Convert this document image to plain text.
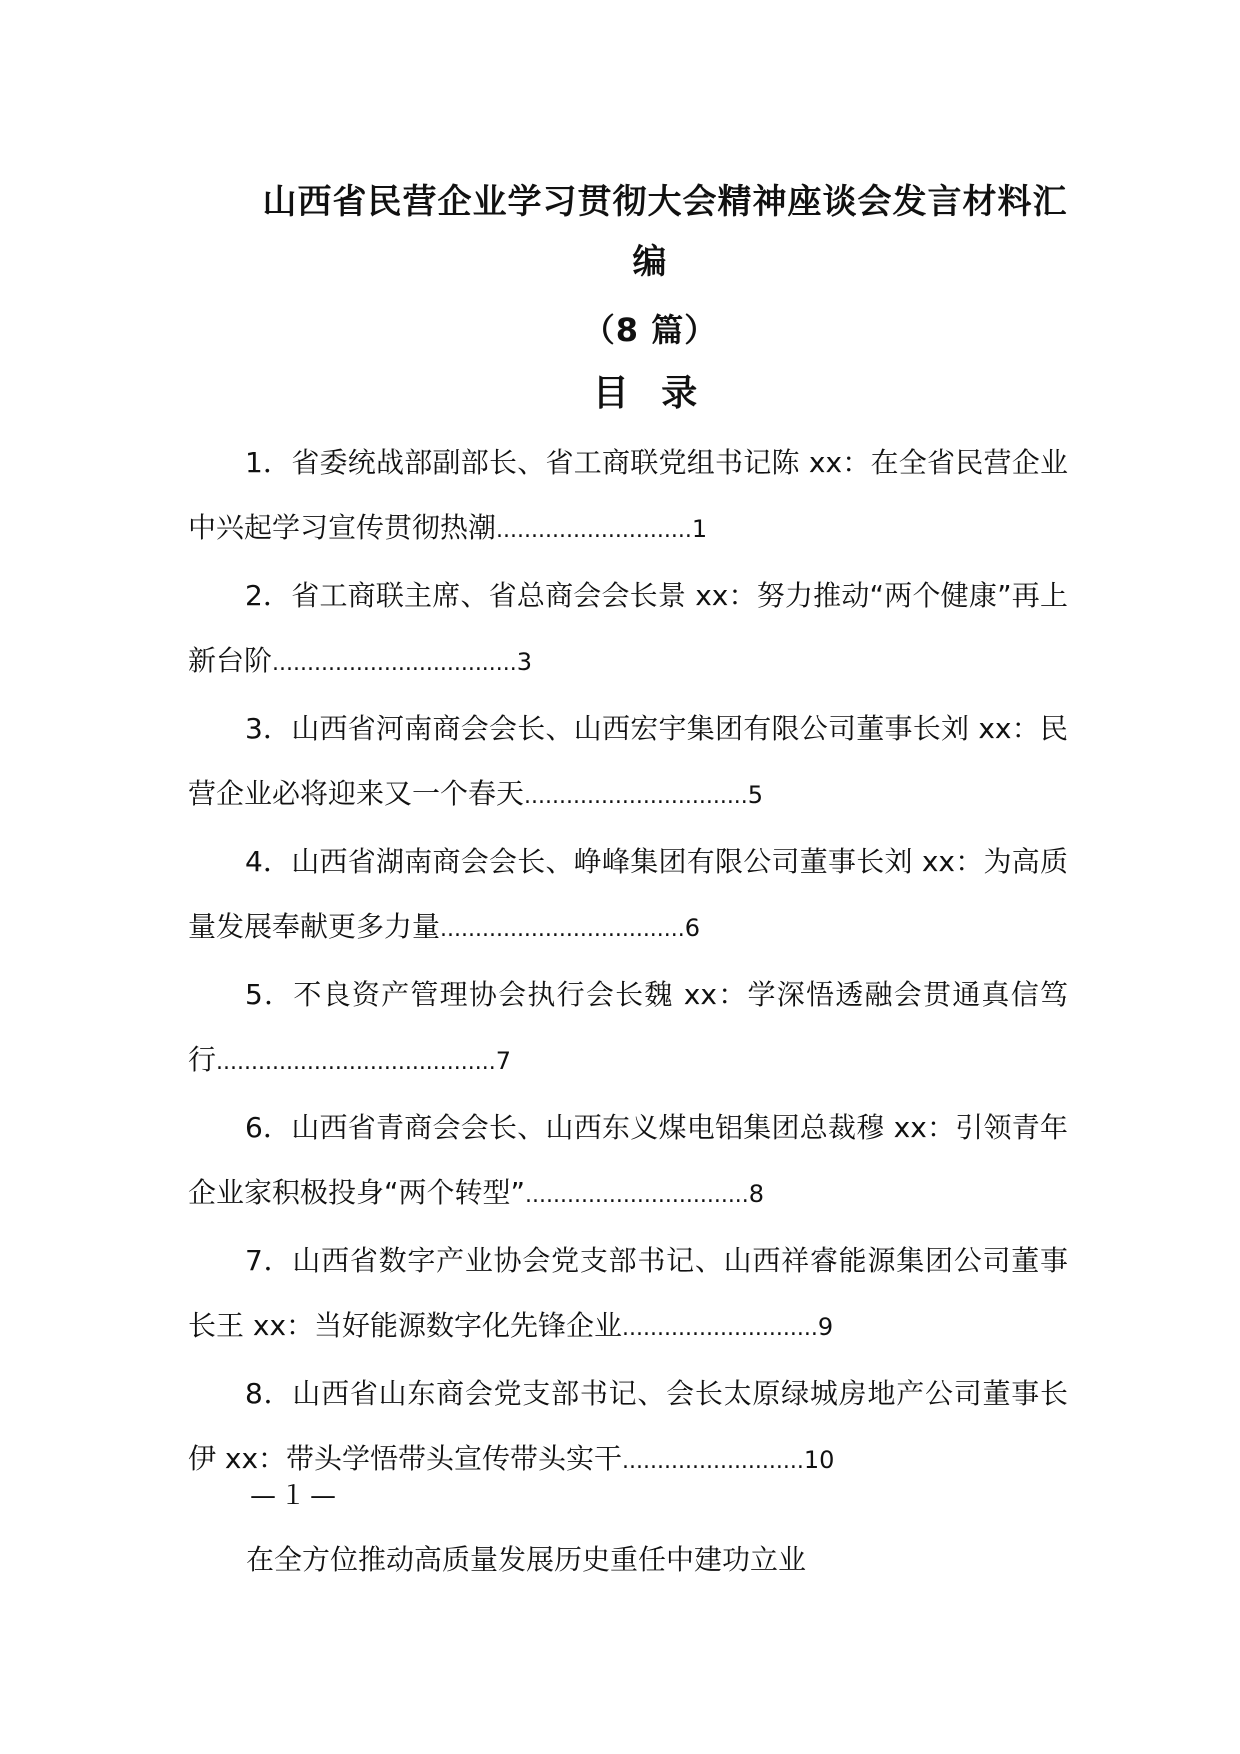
山西省民营企业学习贯彻大会精神座谈会发言材料汇
编
（8 篇）
目 录
1．省委统战部副部长、省工商联党组书记陈 xx：在全省民营企业中兴起学习宣传贯彻热潮............................1
2．省工商联主席、省总商会会长景 xx：努力推动“两个健康”再上新台阶...................................3
3．山西省河南商会会长、山西宏宇集团有限公司董事长刘 xx：民营企业必将迎来又一个春天................................5
4．山西省湖南商会会长、峥峰集团有限公司董事长刘 xx：为高质量发展奉献更多力量...................................6
5．不良资产管理协会执行会长魏 xx：学深悟透融会贯通真信笃行........................................7
6．山西省青商会会长、山西东义煤电铝集团总裁穆 xx：引领青年企业家积极投身“两个转型”................................8
7．山西省数字产业协会党支部书记、山西祥睿能源集团公司董事长王 xx：当好能源数字化先锋企业............................9
8．山西省山东商会党支部书记、会长太原绿城房地产公司董事长伊 xx：带头学悟带头宣传带头实干..........................10
—１—
在全方位推动高质量发展历史重任中建功立业
